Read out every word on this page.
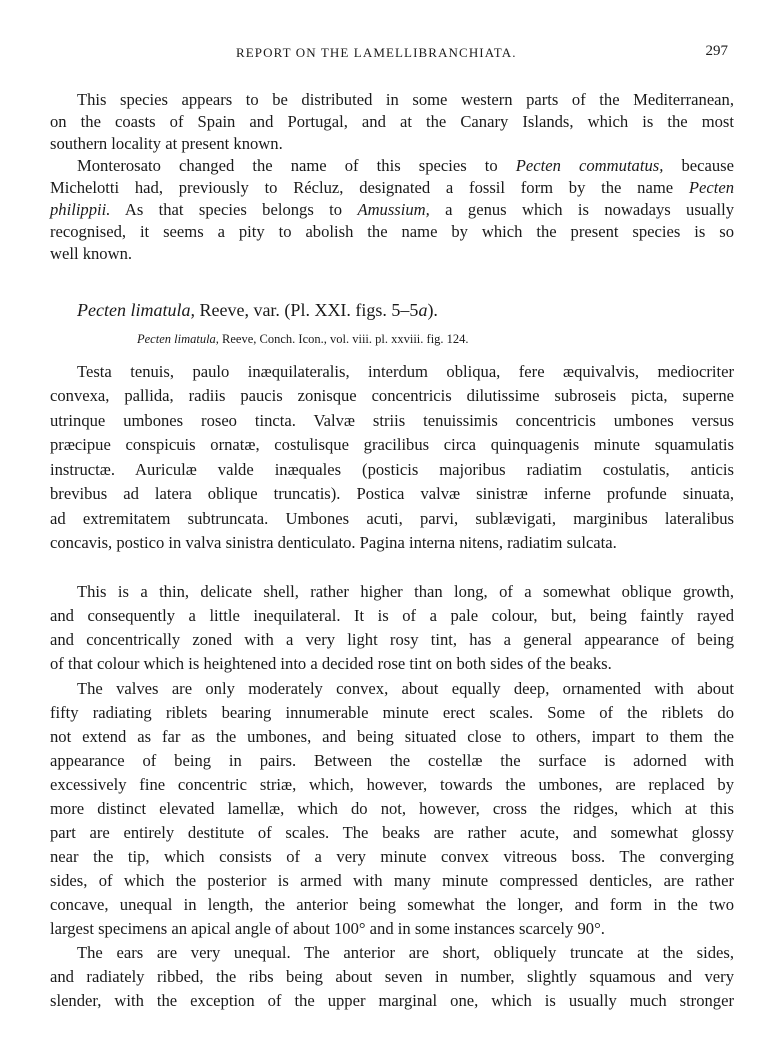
REPORT ON THE LAMELLIBRANCHIATA.	297
This species appears to be distributed in some western parts of the Mediterranean,
on the coasts of Spain and Portugal, and at the Canary Islands, which is the most
southern locality at present known.
Monterosato changed the name of this species to Pecten commutatus, because
Michelotti had, previously to Récluz, designated a fossil form by the name Pecten
philippii. As that species belongs to Amussium, a genus which is nowadays usually
recognised, it seems a pity to abolish the name by which the present species is so
well known.
Pecten limatula, Reeve, var. (Pl. XXI. figs. 5–5a).
Pecten limatula, Reeve, Conch. Icon., vol. viii. pl. xxviii. fig. 124.
Testa tenuis, paulo inæquilateralis, interdum obliqua, fere æquivalvis, mediocriter
convexa, pallida, radiis paucis zonisque concentricis dilutissime subroseis picta, superne
utrinque umbones roseo tincta. Valvæ striis tenuissimis concentricis umbones versus
præcipue conspicuis ornatæ, costulisque gracilibus circa quinquagenis minute squamulatis
instructæ. Auriculæ valde inæquales (posticis majoribus radiatim costulatis, anticis
brevibus ad latera oblique truncatis). Postica valvæ sinistræ inferne profunde sinuata,
ad extremitatem subtruncata. Umbones acuti, parvi, sublævigati, marginibus lateralibus
concavis, postico in valva sinistra denticulato. Pagina interna nitens, radiatim sulcata.
This is a thin, delicate shell, rather higher than long, of a somewhat oblique growth,
and consequently a little inequilateral. It is of a pale colour, but, being faintly rayed
and concentrically zoned with a very light rosy tint, has a general appearance of being
of that colour which is heightened into a decided rose tint on both sides of the beaks.
The valves are only moderately convex, about equally deep, ornamented with about
fifty radiating riblets bearing innumerable minute erect scales. Some of the riblets do
not extend as far as the umbones, and being situated close to others, impart to them the
appearance of being in pairs. Between the costellæ the surface is adorned with
excessively fine concentric striæ, which, however, towards the umbones, are replaced by
more distinct elevated lamellæ, which do not, however, cross the ridges, which at this
part are entirely destitute of scales. The beaks are rather acute, and somewhat glossy
near the tip, which consists of a very minute convex vitreous boss. The converging
sides, of which the posterior is armed with many minute compressed denticles, are rather
concave, unequal in length, the anterior being somewhat the longer, and form in the two
largest specimens an apical angle of about 100° and in some instances scarcely 90°.
The ears are very unequal. The anterior are short, obliquely truncate at the sides,
and radiately ribbed, the ribs being about seven in number, slightly squamous and very
slender, with the exception of the upper marginal one, which is usually much stronger
